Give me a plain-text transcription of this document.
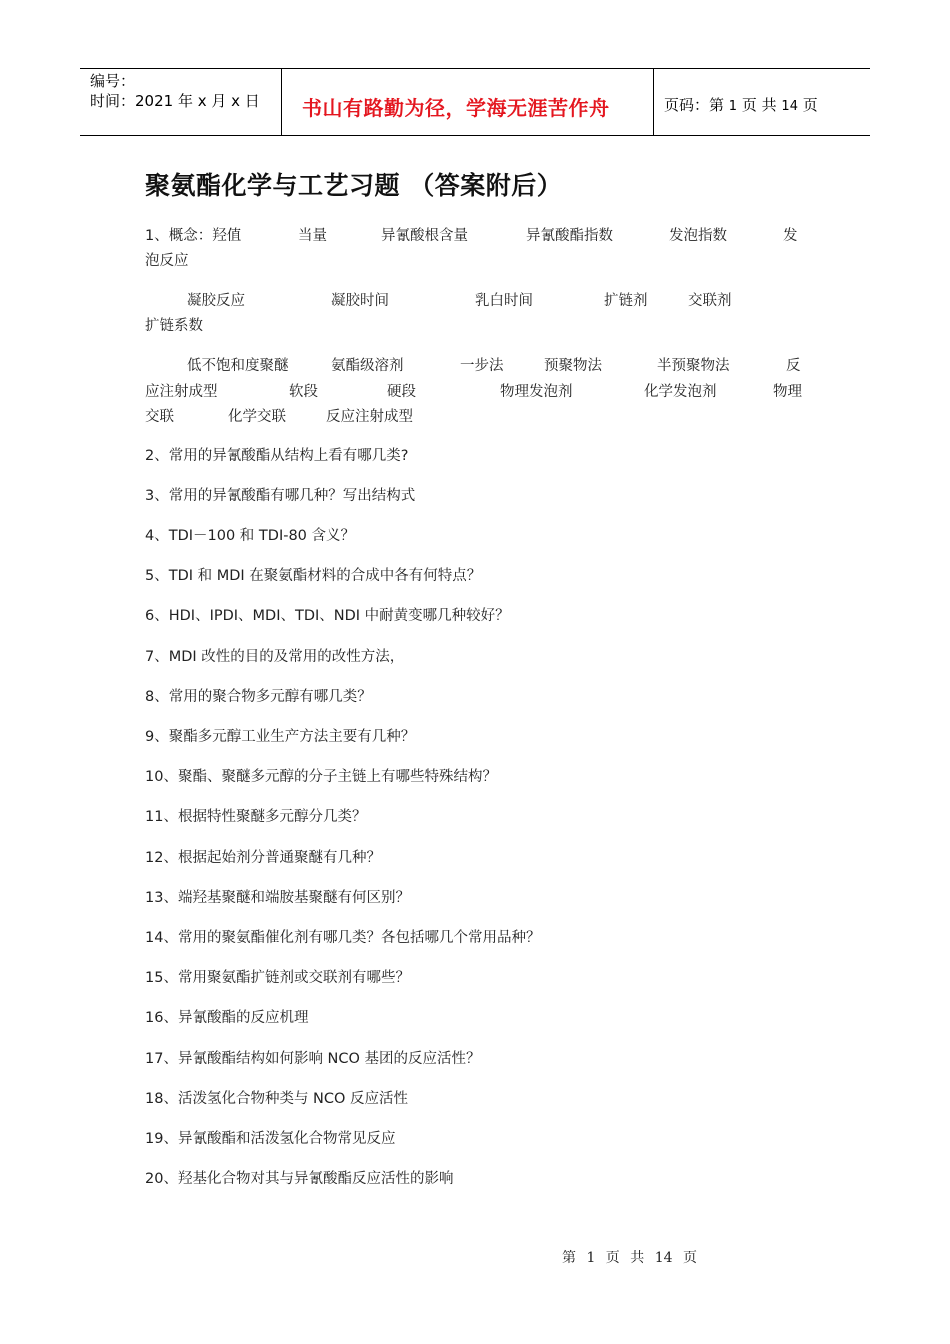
编号：
时间：2021 年 x 月 x 日 书山有路勤为径，学海无涯苦作舟	页码：第 1 页 共 14 页
聚氨酯化学与工艺习题 （答案附后）
1、概念：羟值	当量	异氰酸根含量	异氰酸酯指数	发泡指数	发
泡反应
凝胶反应	凝胶时间	乳白时间	扩链剂	交联剂
扩链系数
低不饱和度聚醚	氨酯级溶剂	一步法	预聚物法	半预聚物法	反
应注射成型	软段	硬段	物理发泡剂	化学发泡剂	物理
交联	化学交联	反应注射成型
2、常用的异氰酸酯从结构上看有哪几类?
3、常用的异氰酸酯有哪几种？写出结构式
4、TDI－100 和 TDI-80 含义？
5、TDI 和 MDI 在聚氨酯材料的合成中各有何特点？
6、HDI、IPDI、MDI、TDI、NDI 中耐黄变哪几种较好？
7、MDI 改性的目的及常用的改性方法，
8、常用的聚合物多元醇有哪几类？
9、聚酯多元醇工业生产方法主要有几种？
10、聚酯、聚醚多元醇的分子主链上有哪些特殊结构？
11、根据特性聚醚多元醇分几类？
12、根据起始剂分普通聚醚有几种？
13、端羟基聚醚和端胺基聚醚有何区别？
14、常用的聚氨酯催化剂有哪几类？各包括哪几个常用品种？
15、常用聚氨酯扩链剂或交联剂有哪些？
16、异氰酸酯的反应机理
17、异氰酸酯结构如何影响 NCO 基团的反应活性？
18、活泼氢化合物种类与 NCO 反应活性
19、异氰酸酯和活泼氢化合物常见反应
20、羟基化合物对其与异氰酸酯反应活性的影响
第 1 页 共 14 页
